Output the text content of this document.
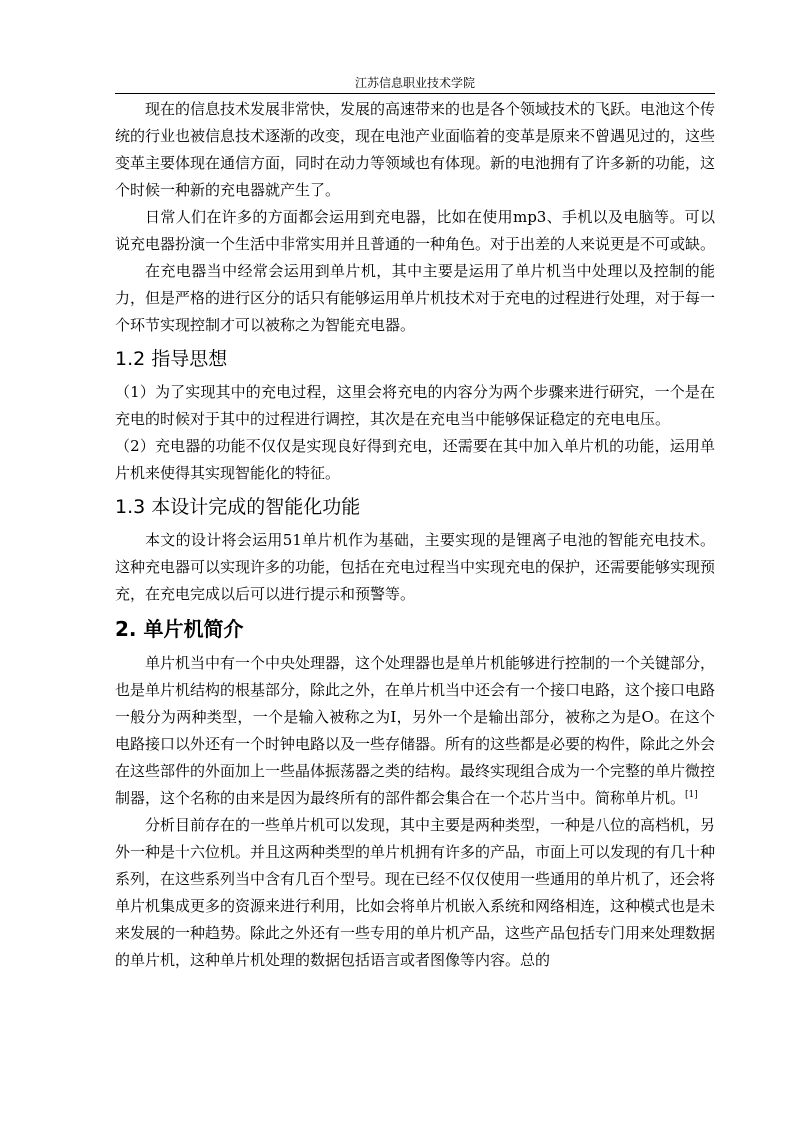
江苏信息职业技术学院

现在的信息技术发展非常快，发展的高速带来的也是各个领域技术的飞跃。电池这个传统的行业也被信息技术逐渐的改变，现在电池产业面临着的变革是原来不曾遇见过的，这些变革主要体现在通信方面，同时在动力等领域也有体现。新的电池拥有了许多新的功能，这个时候一种新的充电器就产生了。

日常人们在许多的方面都会运用到充电器，比如在使用mp3、手机以及电脑等。可以说充电器扮演一个生活中非常实用并且普通的一种角色。对于出差的人来说更是不可或缺。

在充电器当中经常会运用到单片机，其中主要是运用了单片机当中处理以及控制的能力，但是严格的进行区分的话只有能够运用单片机技术对于充电的过程进行处理，对于每一个环节实现控制才可以被称之为智能充电器。

1.2 指导思想

（1）为了实现其中的充电过程，这里会将充电的内容分为两个步骤来进行研究，一个是在充电的时候对于其中的过程进行调控，其次是在充电当中能够保证稳定的充电电压。

（2）充电器的功能不仅仅是实现良好得到充电，还需要在其中加入单片机的功能，运用单片机来使得其实现智能化的特征。

1.3 本设计完成的智能化功能

本文的设计将会运用51单片机作为基础，主要实现的是锂离子电池的智能充电技术。这种充电器可以实现许多的功能，包括在充电过程当中实现充电的保护，还需要能够实现预充，在充电完成以后可以进行提示和预警等。

2. 单片机简介

单片机当中有一个中央处理器，这个处理器也是单片机能够进行控制的一个关键部分，也是单片机结构的根基部分，除此之外，在单片机当中还会有一个接口电路，这个接口电路一般分为两种类型，一个是输入被称之为I，另外一个是输出部分，被称之为是O。在这个电路接口以外还有一个时钟电路以及一些存储器。所有的这些都是必要的构件，除此之外会在这些部件的外面加上一些晶体振荡器之类的结构。最终实现组合成为一个完整的单片微控制器，这个名称的由来是因为最终所有的部件都会集合在一个芯片当中。简称单片机。[1]

分析目前存在的一些单片机可以发现，其中主要是两种类型，一种是八位的高档机，另外一种是十六位机。并且这两种类型的单片机拥有许多的产品，市面上可以发现的有几十种系列，在这些系列当中含有几百个型号。现在已经不仅仅使用一些通用的单片机了，还会将单片机集成更多的资源来进行利用，比如会将单片机嵌入系统和网络相连，这种模式也是未来发展的一种趋势。除此之外还有一些专用的单片机产品，这些产品包括专门用来处理数据的单片机，这种单片机处理的数据包括语言或者图像等内容。总的
